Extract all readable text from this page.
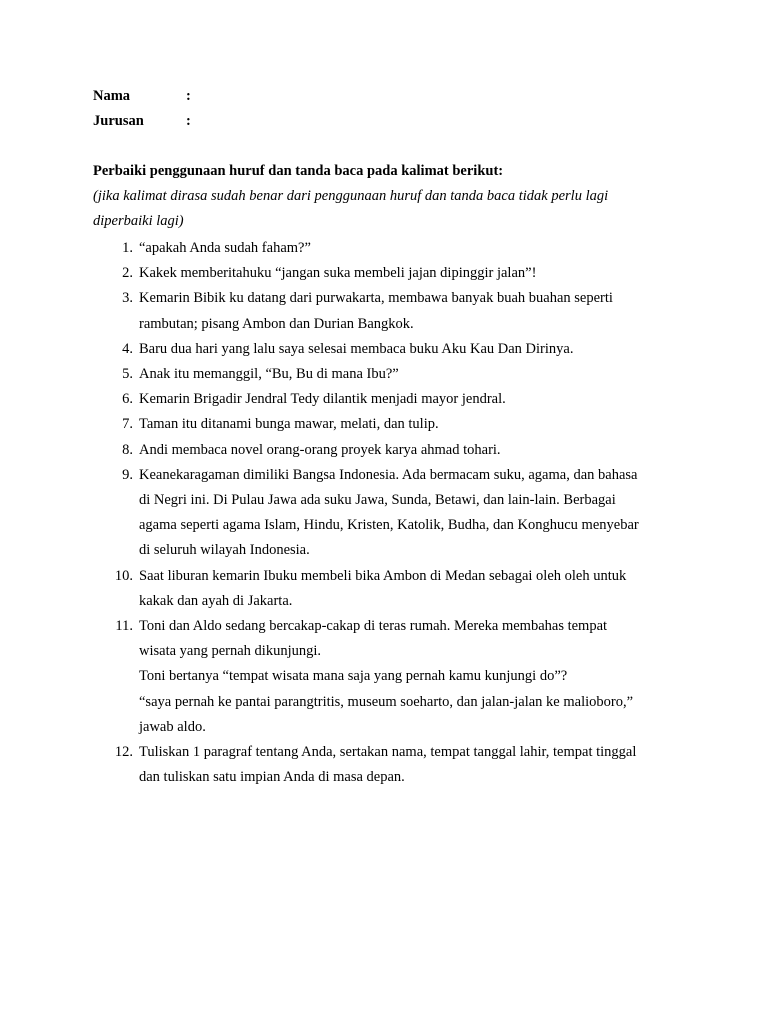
Nama	:
Jurusan	:
Perbaiki penggunaan huruf dan tanda baca pada kalimat berikut:
(jika kalimat dirasa sudah benar dari penggunaan huruf dan tanda baca tidak perlu lagi
diperbaiki lagi)
1. “apakah Anda sudah faham?”
2. Kakek memberitahuku “jangan suka membeli jajan dipinggir jalan”!
3. Kemarin Bibik ku datang dari purwakarta, membawa banyak buah buahan seperti
rambutan; pisang Ambon dan Durian Bangkok.
4. Baru dua hari yang lalu saya selesai membaca buku Aku Kau Dan Dirinya.
5. Anak itu memanggil, “Bu, Bu di mana Ibu?”
6. Kemarin Brigadir Jendral Tedy dilantik menjadi mayor jendral.
7. Taman itu ditanami bunga mawar, melati, dan tulip.
8. Andi membaca novel orang-orang proyek karya ahmad tohari.
9. Keanekaragaman dimiliki Bangsa Indonesia. Ada bermacam suku, agama, dan bahasa
di Negri ini. Di Pulau Jawa ada suku Jawa, Sunda, Betawi, dan lain-lain. Berbagai
agama seperti agama Islam, Hindu, Kristen, Katolik, Budha, dan Konghucu menyebar
di seluruh wilayah Indonesia.
10. Saat liburan kemarin Ibuku membeli bika Ambon di Medan sebagai oleh oleh untuk
kakak dan ayah di Jakarta.
11. Toni dan Aldo sedang bercakap-cakap di teras rumah. Mereka membahas tempat
wisata yang pernah dikunjungi.
Toni bertanya “tempat wisata mana saja yang pernah kamu kunjungi do”?
“saya pernah ke pantai parangtritis, museum soeharto, dan jalan-jalan ke malioboro,”
jawab aldo.
12. Tuliskan 1 paragraf tentang Anda, sertakan nama, tempat tanggal lahir, tempat tinggal
dan tuliskan satu impian Anda di masa depan.
